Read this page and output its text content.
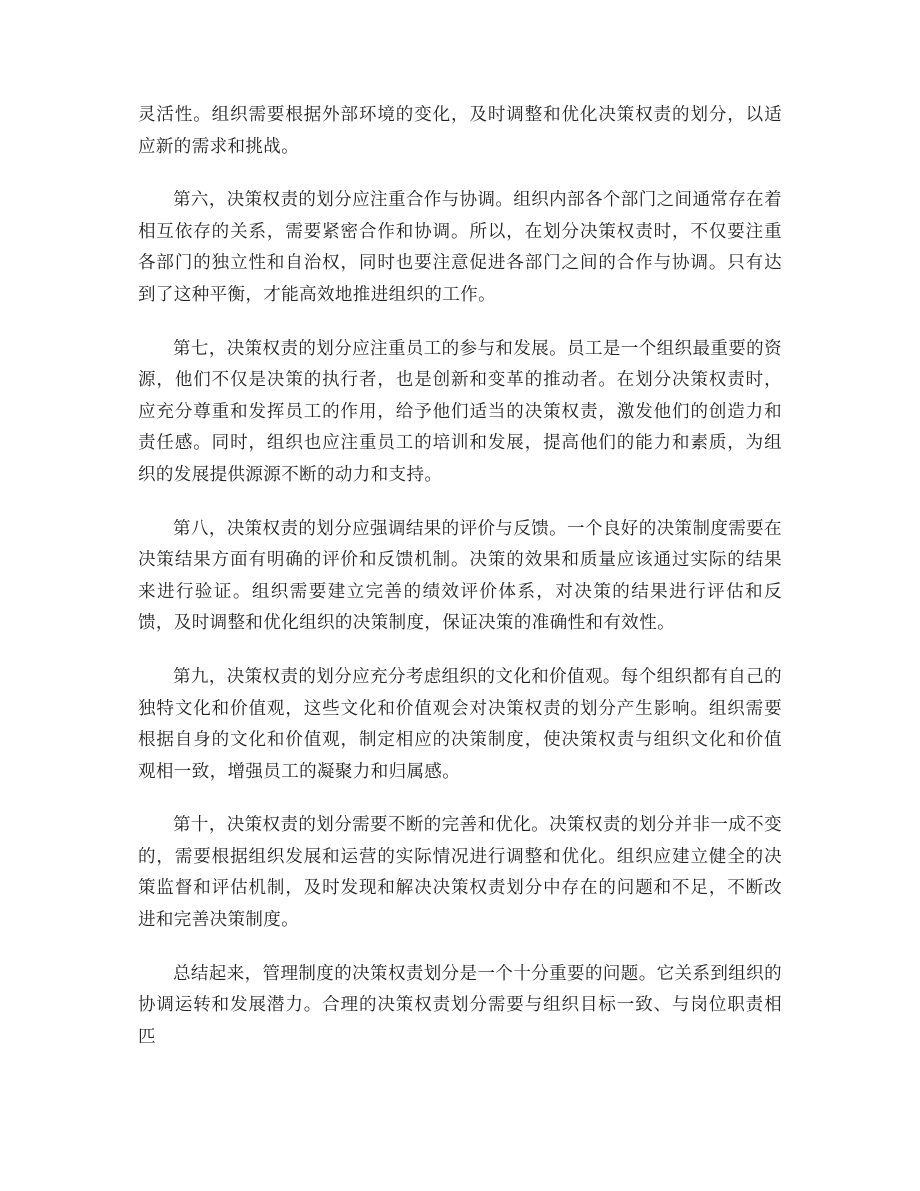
灵活性。组织需要根据外部环境的变化，及时调整和优化决策权责的划分，以适应新的需求和挑战。

第六，决策权责的划分应注重合作与协调。组织内部各个部门之间通常存在着相互依存的关系，需要紧密合作和协调。所以，在划分决策权责时，不仅要注重各部门的独立性和自治权，同时也要注意促进各部门之间的合作与协调。只有达到了这种平衡，才能高效地推进组织的工作。

第七，决策权责的划分应注重员工的参与和发展。员工是一个组织最重要的资源，他们不仅是决策的执行者，也是创新和变革的推动者。在划分决策权责时，应充分尊重和发挥员工的作用，给予他们适当的决策权责，激发他们的创造力和责任感。同时，组织也应注重员工的培训和发展，提高他们的能力和素质，为组织的发展提供源源不断的动力和支持。

第八，决策权责的划分应强调结果的评价与反馈。一个良好的决策制度需要在决策结果方面有明确的评价和反馈机制。决策的效果和质量应该通过实际的结果来进行验证。组织需要建立完善的绩效评价体系，对决策的结果进行评估和反馈，及时调整和优化组织的决策制度，保证决策的准确性和有效性。

第九，决策权责的划分应充分考虑组织的文化和价值观。每个组织都有自己的独特文化和价值观，这些文化和价值观会对决策权责的划分产生影响。组织需要根据自身的文化和价值观，制定相应的决策制度，使决策权责与组织文化和价值观相一致，增强员工的凝聚力和归属感。

第十，决策权责的划分需要不断的完善和优化。决策权责的划分并非一成不变的，需要根据组织发展和运营的实际情况进行调整和优化。组织应建立健全的决策监督和评估机制，及时发现和解决决策权责划分中存在的问题和不足，不断改进和完善决策制度。

总结起来，管理制度的决策权责划分是一个十分重要的问题。它关系到组织的协调运转和发展潜力。合理的决策权责划分需要与组织目标一致、与岗位职责相匹
